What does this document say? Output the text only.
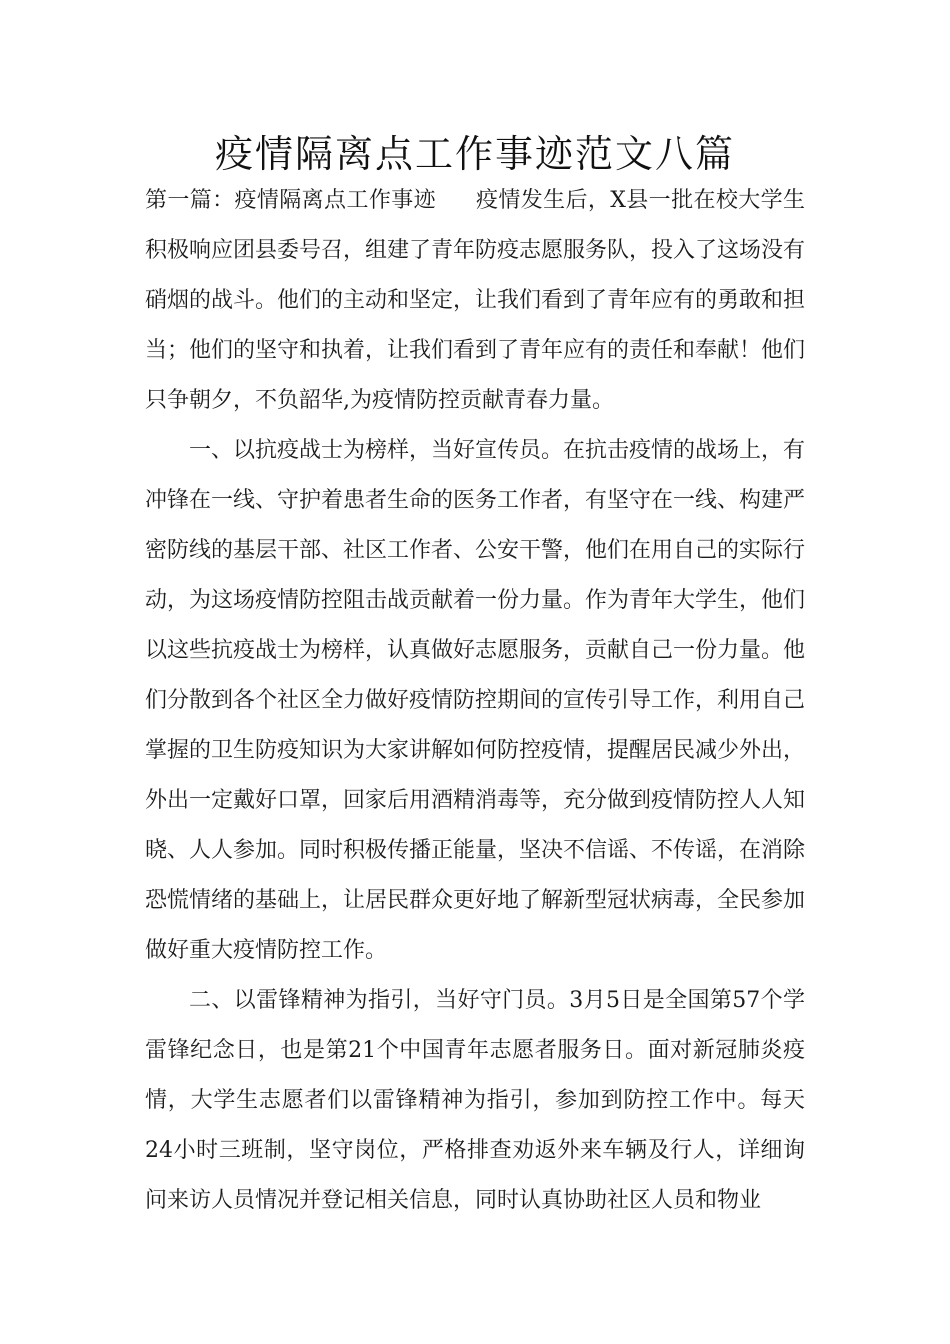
疫情隔离点工作事迹范文八篇

第一篇：疫情隔离点工作事迹 疫情发生后，X县一批在校大学生积极响应团县委号召，组建了青年防疫志愿服务队，投入了这场没有硝烟的战斗。他们的主动和坚定，让我们看到了青年应有的勇敢和担当；他们的坚守和执着，让我们看到了青年应有的责任和奉献！他们只争朝夕，不负韶华,为疫情防控贡献青春力量。

一、以抗疫战士为榜样，当好宣传员。在抗击疫情的战场上，有冲锋在一线、守护着患者生命的医务工作者，有坚守在一线、构建严密防线的基层干部、社区工作者、公安干警，他们在用自己的实际行动，为这场疫情防控阻击战贡献着一份力量。作为青年大学生，他们以这些抗疫战士为榜样，认真做好志愿服务，贡献自己一份力量。他们分散到各个社区全力做好疫情防控期间的宣传引导工作，利用自己掌握的卫生防疫知识为大家讲解如何防控疫情，提醒居民减少外出，外出一定戴好口罩，回家后用酒精消毒等，充分做到疫情防控人人知晓、人人参加。同时积极传播正能量，坚决不信谣、不传谣，在消除恐慌情绪的基础上，让居民群众更好地了解新型冠状病毒，全民参加做好重大疫情防控工作。

二、以雷锋精神为指引，当好守门员。3月5日是全国第57个学雷锋纪念日，也是第21个中国青年志愿者服务日。面对新冠肺炎疫情，大学生志愿者们以雷锋精神为指引，参加到防控工作中。每天24小时三班制，坚守岗位，严格排查劝返外来车辆及行人，详细询问来访人员情况并登记相关信息，同时认真协助社区人员和物业
